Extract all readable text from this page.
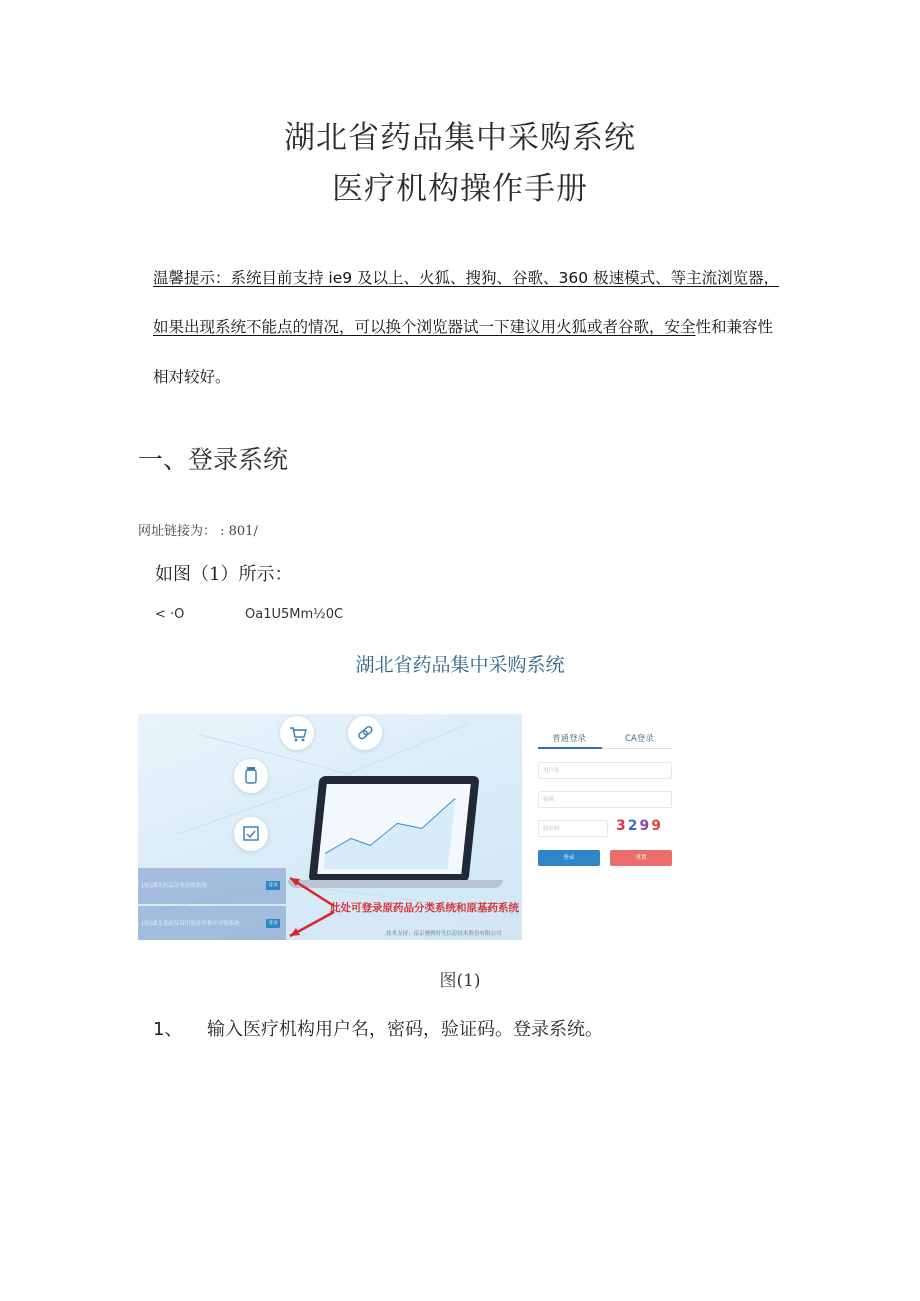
湖北省药品集中采购系统
医疗机构操作手册
温馨提示：系统目前支持 ie9 及以上、火狐、搜狗、谷歌、360 极速模式、等主流浏览器，
如果出现系统不能点的情况，可以换个浏览器试一下建议用火狐或者谷歌，安全性和兼容性
相对较好。
一、登录系统
网址链接为： : 801/
如图（1）所示：
< ·O	Oa1U5Mm½0C
湖北省药品集中采购系统
[原]湖北药品分类采购系统	登录
[原]湖北基药及常用低价药集中采购系统	登录
此处可登录原药品分类系统和原基药系统
技术支持：南京驰骋时光信息技术股份有限公司
普通登录	CA登录
用户名
密码
验证码	3299
登录	重置
图(1)
1、 输入医疗机构用户名，密码，验证码。登录系统。
